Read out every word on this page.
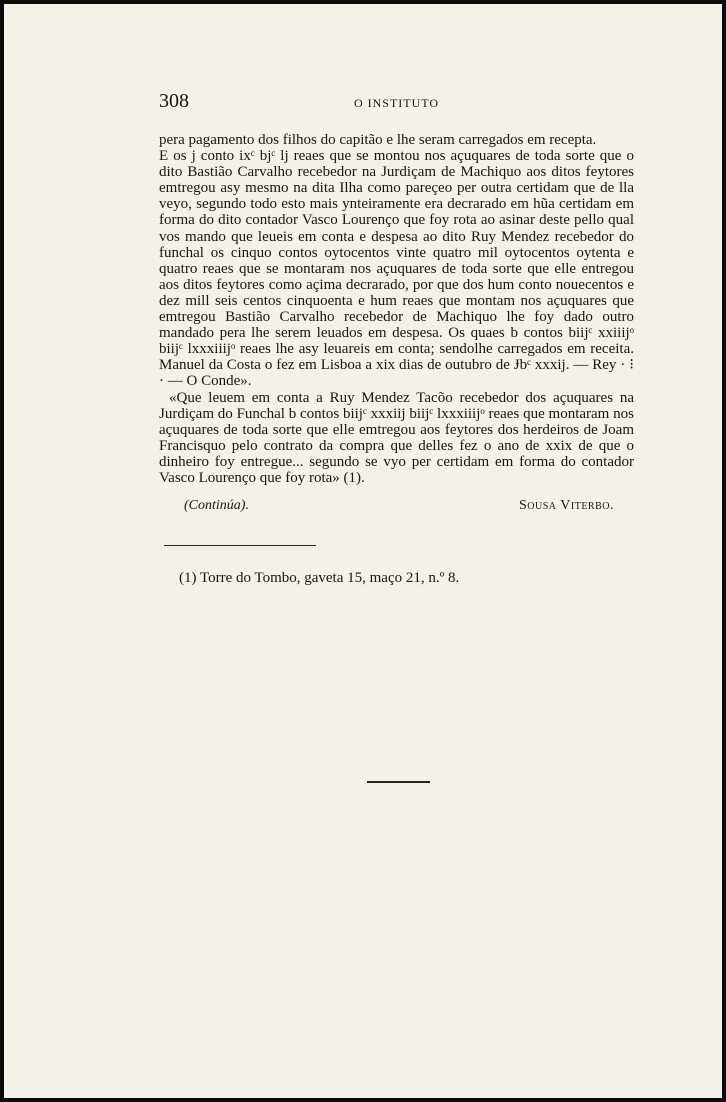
308	O INSTITUTO

pera pagamento dos filhos do capitão e lhe seram carregados em recepta.

E os j conto ixᶜ bjᶜ lj reaes que se montou nos açuquares de toda sorte que o dito Bastião Carvalho recebedor na Jurdiçam de Machiquo aos ditos feytores emtregou asy mesmo na dita Ilha como pareçeo per outra certidam que de lla veyo, segundo todo esto mais ynteiramente era decrarado em hũa certidam em forma do dito contador Vasco Lourenço que foy rota ao asinar deste pello qual vos mando que leueis em conta e despesa ao dito Ruy Mendez recebedor do funchal os cinquo contos oytocentos vinte quatro mil oytocentos oytenta e quatro reaes que se montaram nos açuquares de toda sorte que elle entregou aos ditos feytores como açima decrarado, por que dos hum conto nouecentos e dez mill seis centos cinquoenta e hum reaes que montam nos açuquares que emtregou Bastião Carvalho recebedor de Machiquo lhe foy dado outro mandado pera lhe serem leuados em despesa. Os quaes b contos biijᶜ xxiiijᵒ biijᶜ lxxxiiijᵒ reaes lhe asy leuareis em conta; sendolhe carregados em receita. Manuel da Costa o fez em Lisboa a xix dias de outubro de Ɉbᶜ xxxij. — Rey · ⁝ · — O Conde».

«Que leuem em conta a Ruy Mendez Tacõo recebedor dos açuquares na Jurdiçam do Funchal b contos biijᶜ xxxiij biijᶜ lxxxiiijᵒ reaes que montaram nos açuquares de toda sorte que elle emtregou aos feytores dos herdeiros de Joam Francisquo pelo contrato da compra que delles fez o ano de xxix de que o dinheiro foy entregue... segundo se vyo per certidam em forma do contador Vasco Lourenço que foy rota» (1).

(Continúa).	Sousa Viterbo.
(1) Torre do Tombo, gaveta 15, maço 21, n.º 8.
